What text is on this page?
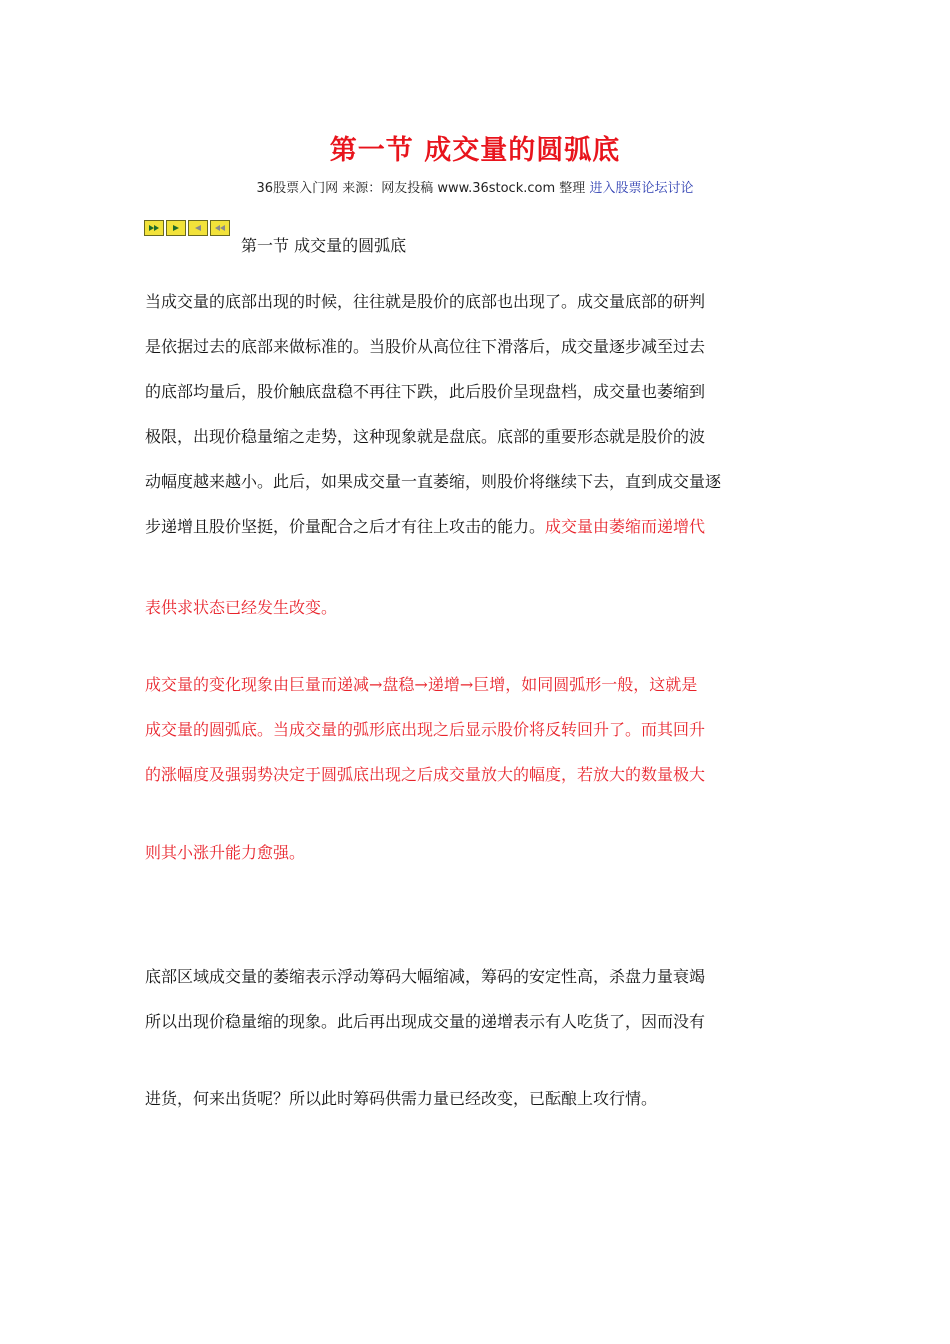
第一节 成交量的圆弧底
36股票入门网 来源：网友投稿 www.36stock.com 整理 进入股票论坛讨论
第一节 成交量的圆弧底
当成交量的底部出现的时候，往往就是股价的底部也出现了。成交量底部的研判
是依据过去的底部来做标准的。当股价从高位往下滑落后，成交量逐步减至过去
的底部均量后，股价触底盘稳不再往下跌，此后股价呈现盘档，成交量也萎缩到
极限，出现价稳量缩之走势，这种现象就是盘底。底部的重要形态就是股价的波
动幅度越来越小。此后，如果成交量一直萎缩，则股价将继续下去，直到成交量逐
步递增且股价坚挺，价量配合之后才有往上攻击的能力。成交量由萎缩而递增代
表供求状态已经发生改变。
成交量的变化现象由巨量而递减→盘稳→递增→巨增，如同圆弧形一般，这就是
成交量的圆弧底。当成交量的弧形底出现之后显示股价将反转回升了。而其回升
的涨幅度及强弱势决定于圆弧底出现之后成交量放大的幅度，若放大的数量极大
则其小涨升能力愈强。
底部区域成交量的萎缩表示浮动筹码大幅缩减，筹码的安定性高，杀盘力量衰竭
所以出现价稳量缩的现象。此后再出现成交量的递增表示有人吃货了，因而没有
进货，何来出货呢？所以此时筹码供需力量已经改变，已酝酿上攻行情。
